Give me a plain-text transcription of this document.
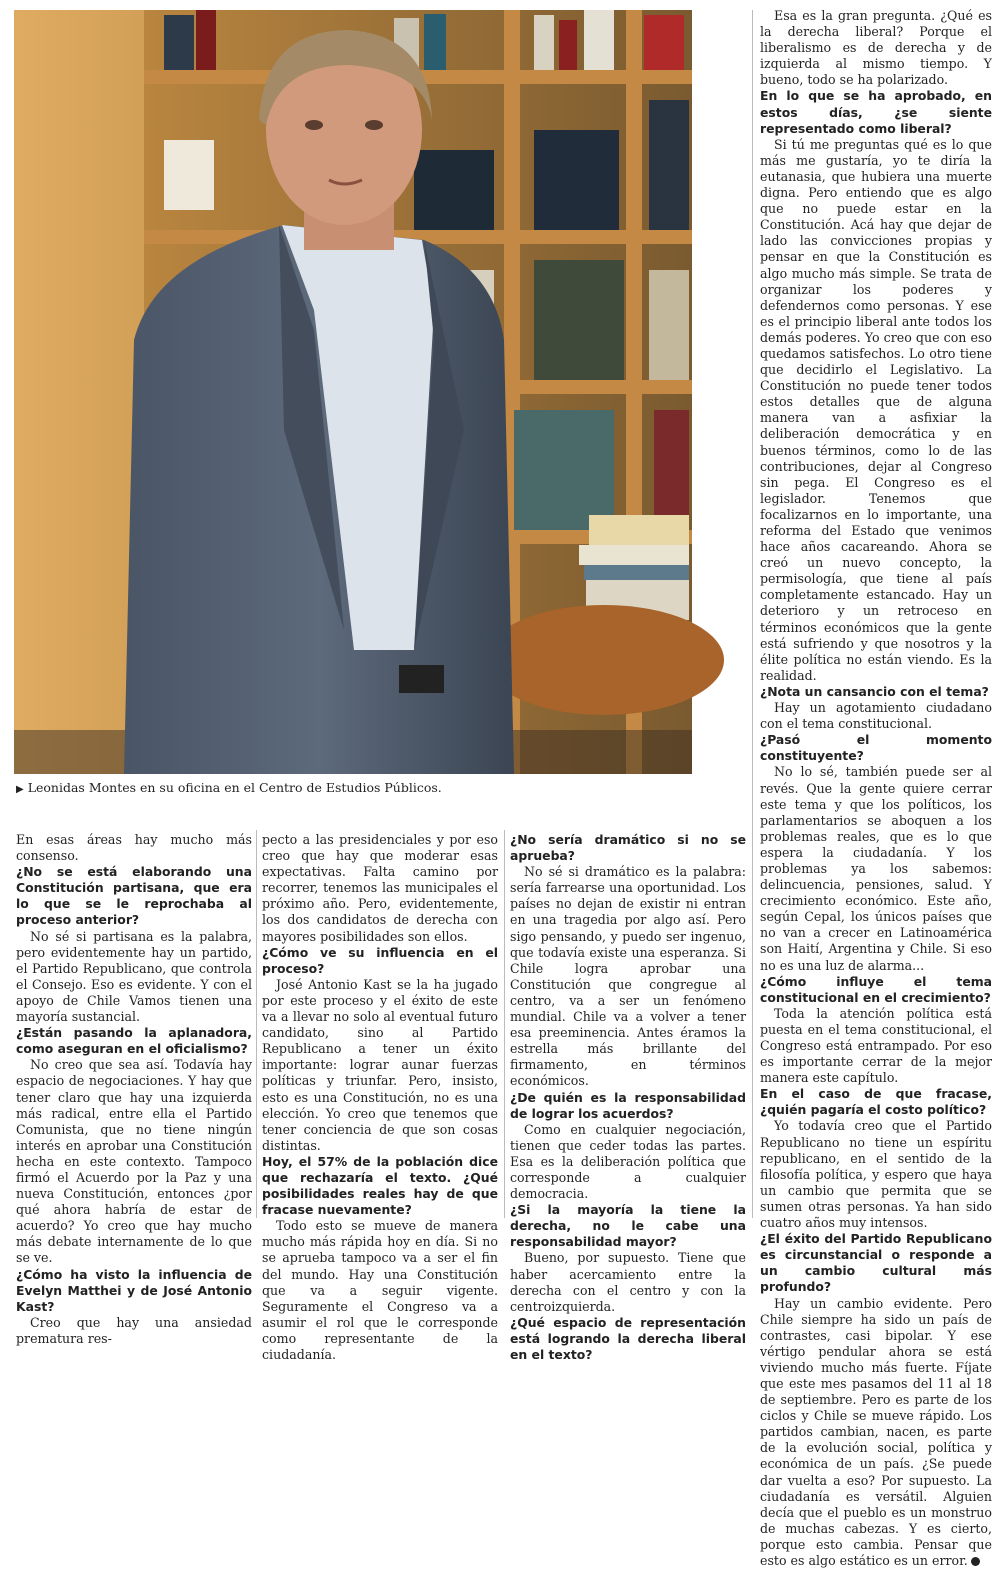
FOTO: ANDRÉS PÉREZ
▶ Leonidas Montes en su oficina en el Centro de Estudios Públicos.

En esas áreas hay mucho más consenso.

¿No se está elaborando una Constitución partisana, que era lo que se le reprochaba al proceso anterior?

No sé si partisana es la palabra, pero evidentemente hay un partido, el Partido Republicano, que controla el Consejo. Eso es evidente. Y con el apoyo de Chile Vamos tienen una mayoría sustancial.

¿Están pasando la aplanadora, como aseguran en el oficialismo?

No creo que sea así. Todavía hay espacio de negociaciones. Y hay que tener claro que hay una izquierda más radical, entre ella el Partido Comunista, que no tiene ningún interés en aprobar una Constitución hecha en este contexto. Tampoco firmó el Acuerdo por la Paz y una nueva Constitución, entonces ¿por qué ahora habría de estar de acuerdo? Yo creo que hay mucho más debate internamente de lo que se ve.

¿Cómo ha visto la influencia de Evelyn Matthei y de José Antonio Kast?

Creo que hay una ansiedad prematura res-

pecto a las presidenciales y por eso creo que hay que moderar esas expectativas. Falta camino por recorrer, tenemos las municipales el próximo año. Pero, evidentemente, los dos candidatos de derecha con mayores posibilidades son ellos.

¿Cómo ve su influencia en el proceso?

José Antonio Kast se la ha jugado por este proceso y el éxito de este va a llevar no solo al eventual futuro candidato, sino al Partido Republicano a tener un éxito importante: lograr aunar fuerzas políticas y triunfar. Pero, insisto, esto es una Constitución, no es una elección. Yo creo que tenemos que tener conciencia de que son cosas distintas.

Hoy, el 57% de la población dice que rechazaría el texto. ¿Qué posibilidades reales hay de que fracase nuevamente?

Todo esto se mueve de manera mucho más rápida hoy en día. Si no se aprueba tampoco va a ser el fin del mundo. Hay una Constitución que va a seguir vigente. Seguramente el Congreso va a asumir el rol que le corresponde como representante de la ciudadanía.

¿No sería dramático si no se aprueba?

No sé si dramático es la palabra: sería farrearse una oportunidad. Los países no dejan de existir ni entran en una tragedia por algo así. Pero sigo pensando, y puedo ser ingenuo, que todavía existe una esperanza. Si Chile logra aprobar una Constitución que congregue al centro, va a ser un fenómeno mundial. Chile va a volver a tener esa preeminencia. Antes éramos la estrella más brillante del firmamento, en términos económicos.

¿De quién es la responsabilidad de lograr los acuerdos?

Como en cualquier negociación, tienen que ceder todas las partes. Esa es la deliberación política que corresponde a cualquier democracia.

¿Si la mayoría la tiene la derecha, no le cabe una responsabilidad mayor?

Bueno, por supuesto. Tiene que haber acercamiento entre la derecha con el centro y con la centroizquierda.

¿Qué espacio de representación está logrando la derecha liberal en el texto?

Esa es la gran pregunta. ¿Qué es la derecha liberal? Porque el liberalismo es de derecha y de izquierda al mismo tiempo. Y bueno, todo se ha polarizado.

En lo que se ha aprobado, en estos días, ¿se siente representado como liberal?

Si tú me preguntas qué es lo que más me gustaría, yo te diría la eutanasia, que hubiera una muerte digna. Pero entiendo que es algo que no puede estar en la Constitución. Acá hay que dejar de lado las convicciones propias y pensar en que la Constitución es algo mucho más simple. Se trata de organizar los poderes y defendernos como personas. Y ese es el principio liberal ante todos los demás poderes. Yo creo que con eso quedamos satisfechos. Lo otro tiene que decidirlo el Legislativo. La Constitución no puede tener todos estos detalles que de alguna manera van a asfixiar la deliberación democrática y en buenos términos, como lo de las contribuciones, dejar al Congreso sin pega. El Congreso es el legislador. Tenemos que focalizarnos en lo importante, una reforma del Estado que venimos hace años cacareando. Ahora se creó un nuevo concepto, la permisología, que tiene al país completamente estancado. Hay un deterioro y un retroceso en términos económicos que la gente está sufriendo y que nosotros y la élite política no están viendo. Es la realidad.

¿Nota un cansancio con el tema?

Hay un agotamiento ciudadano con el tema constitucional.

¿Pasó el momento constituyente?

No lo sé, también puede ser al revés. Que la gente quiere cerrar este tema y que los políticos, los parlamentarios se aboquen a los problemas reales, que es lo que espera la ciudadanía. Y los problemas ya los sabemos: delincuencia, pensiones, salud. Y crecimiento económico. Este año, según Cepal, los únicos países que no van a crecer en Latinoamérica son Haití, Argentina y Chile. Si eso no es una luz de alarma...

¿Cómo influye el tema constitucional en el crecimiento?

Toda la atención política está puesta en el tema constitucional, el Congreso está entrampado. Por eso es importante cerrar de la mejor manera este capítulo.

En el caso de que fracase, ¿quién pagaría el costo político?

Yo todavía creo que el Partido Republicano no tiene un espíritu republicano, en el sentido de la filosofía política, y espero que haya un cambio que permita que se sumen otras personas. Ya han sido cuatro años muy intensos.

¿El éxito del Partido Republicano es circunstancial o responde a un cambio cultural más profundo?

Hay un cambio evidente. Pero Chile siempre ha sido un país de contrastes, casi bipolar. Y ese vértigo pendular ahora se está viviendo mucho más fuerte. Fíjate que este mes pasamos del 11 al 18 de septiembre. Pero es parte de los ciclos y Chile se mueve rápido. Los partidos cambian, nacen, es parte de la evolución social, política y económica de un país. ¿Se puede dar vuelta a eso? Por supuesto. La ciudadanía es versátil. Alguien decía que el pueblo es un monstruo de muchas cabezas. Y es cierto, porque esto cambia. Pensar que esto es algo estático es un error.
